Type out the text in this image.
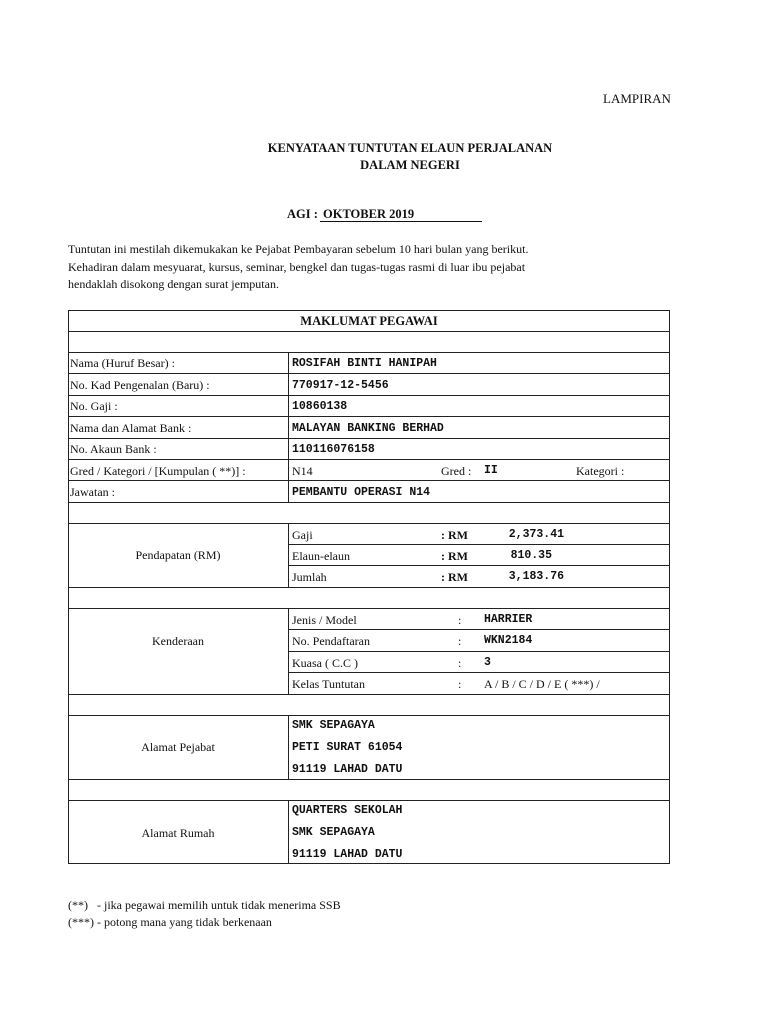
LAMPIRAN
KENYATAAN TUNTUTAN ELAUN PERJALANAN
DALAM NEGERI
AGI : OKTOBER 2019
Tuntutan ini mestilah dikemukakan ke Pejabat Pembayaran sebelum 10 hari bulan yang berikut.
Kehadiran dalam mesyuarat, kursus, seminar, bengkel dan tugas-tugas rasmi di luar ibu pejabat
hendaklah disokong dengan surat jemputan.
MAKLUMAT PEGAWAI
Nama (Huruf Besar) :	ROSIFAH BINTI HANIPAH
No. Kad Pengenalan (Baru) :	770917-12-5456
No. Gaji :	10860138
Nama dan Alamat Bank :	MALAYAN BANKING BERHAD
No. Akaun Bank :	110116076158
Gred / Kategori / [Kumpulan ( **)] :	N14	Gred : II	Kategori :
Jawatan :	PEMBANTU OPERASI N14
Pendapatan (RM)
Gaji	: RM	2,373.41
Elaun-elaun	: RM	810.35
Jumlah	: RM	3,183.76
Kenderaan
Jenis / Model	: HARRIER
No. Pendaftaran	: WKN2184
Kuasa ( C.C )	: 3
Kelas Tuntutan	: A / B / C / D / E ( ***) /
Alamat Pejabat
SMK SEPAGAYA
PETI SURAT 61054
91119 LAHAD DATU
Alamat Rumah
QUARTERS SEKOLAH
SMK SEPAGAYA
91119 LAHAD DATU
(**)   - jika pegawai memilih untuk tidak menerima SSB
(***) - potong mana yang tidak berkenaan
